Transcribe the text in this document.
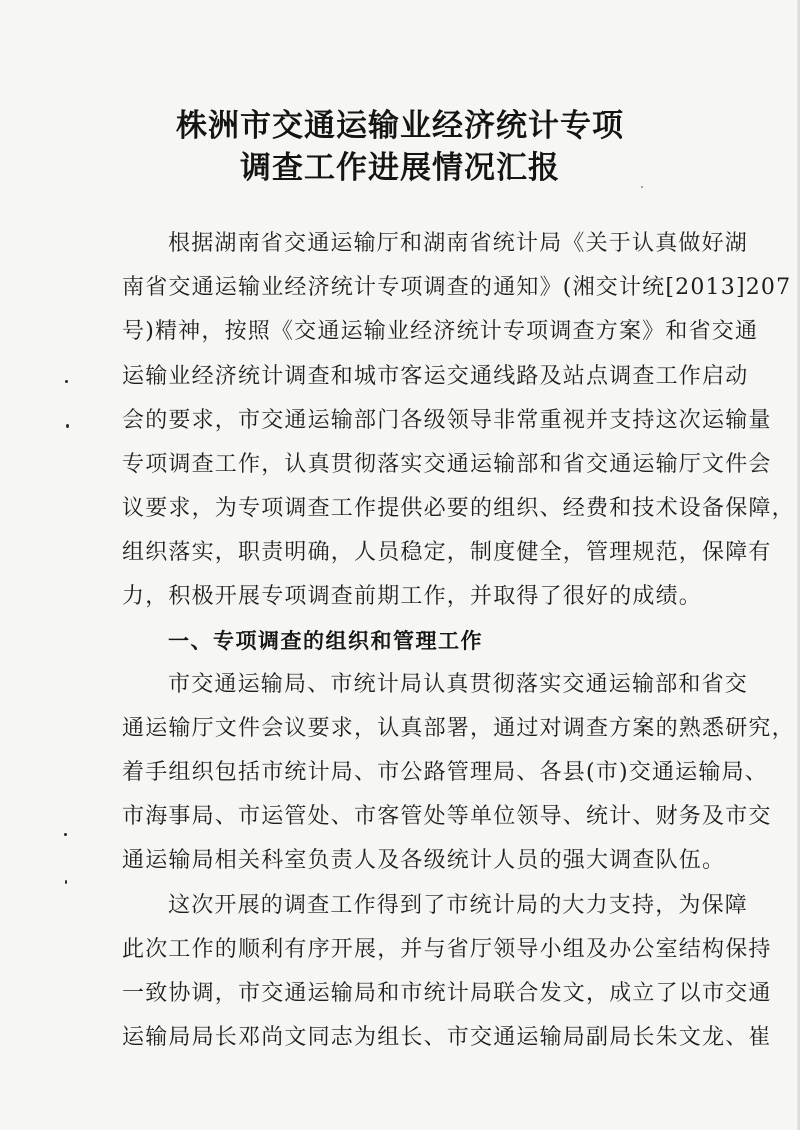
株洲市交通运输业经济统计专项
调查工作进展情况汇报
根据湖南省交通运输厅和湖南省统计局《关于认真做好湖
南省交通运输业经济统计专项调查的通知》(湘交计统[2013]207
号)精神，按照《交通运输业经济统计专项调查方案》和省交通
运输业经济统计调查和城市客运交通线路及站点调查工作启动
会的要求，市交通运输部门各级领导非常重视并支持这次运输量
专项调查工作，认真贯彻落实交通运输部和省交通运输厅文件会
议要求，为专项调查工作提供必要的组织、经费和技术设备保障，
组织落实，职责明确，人员稳定，制度健全，管理规范，保障有
力，积极开展专项调查前期工作，并取得了很好的成绩。
一、专项调查的组织和管理工作
市交通运输局、市统计局认真贯彻落实交通运输部和省交
通运输厅文件会议要求，认真部署，通过对调查方案的熟悉研究，
着手组织包括市统计局、市公路管理局、各县(市)交通运输局、
市海事局、市运管处、市客管处等单位领导、统计、财务及市交
通运输局相关科室负责人及各级统计人员的强大调查队伍。
这次开展的调查工作得到了市统计局的大力支持，为保障
此次工作的顺利有序开展，并与省厅领导小组及办公室结构保持
一致协调，市交通运输局和市统计局联合发文，成立了以市交通
运输局局长邓尚文同志为组长、市交通运输局副局长朱文龙、崔
